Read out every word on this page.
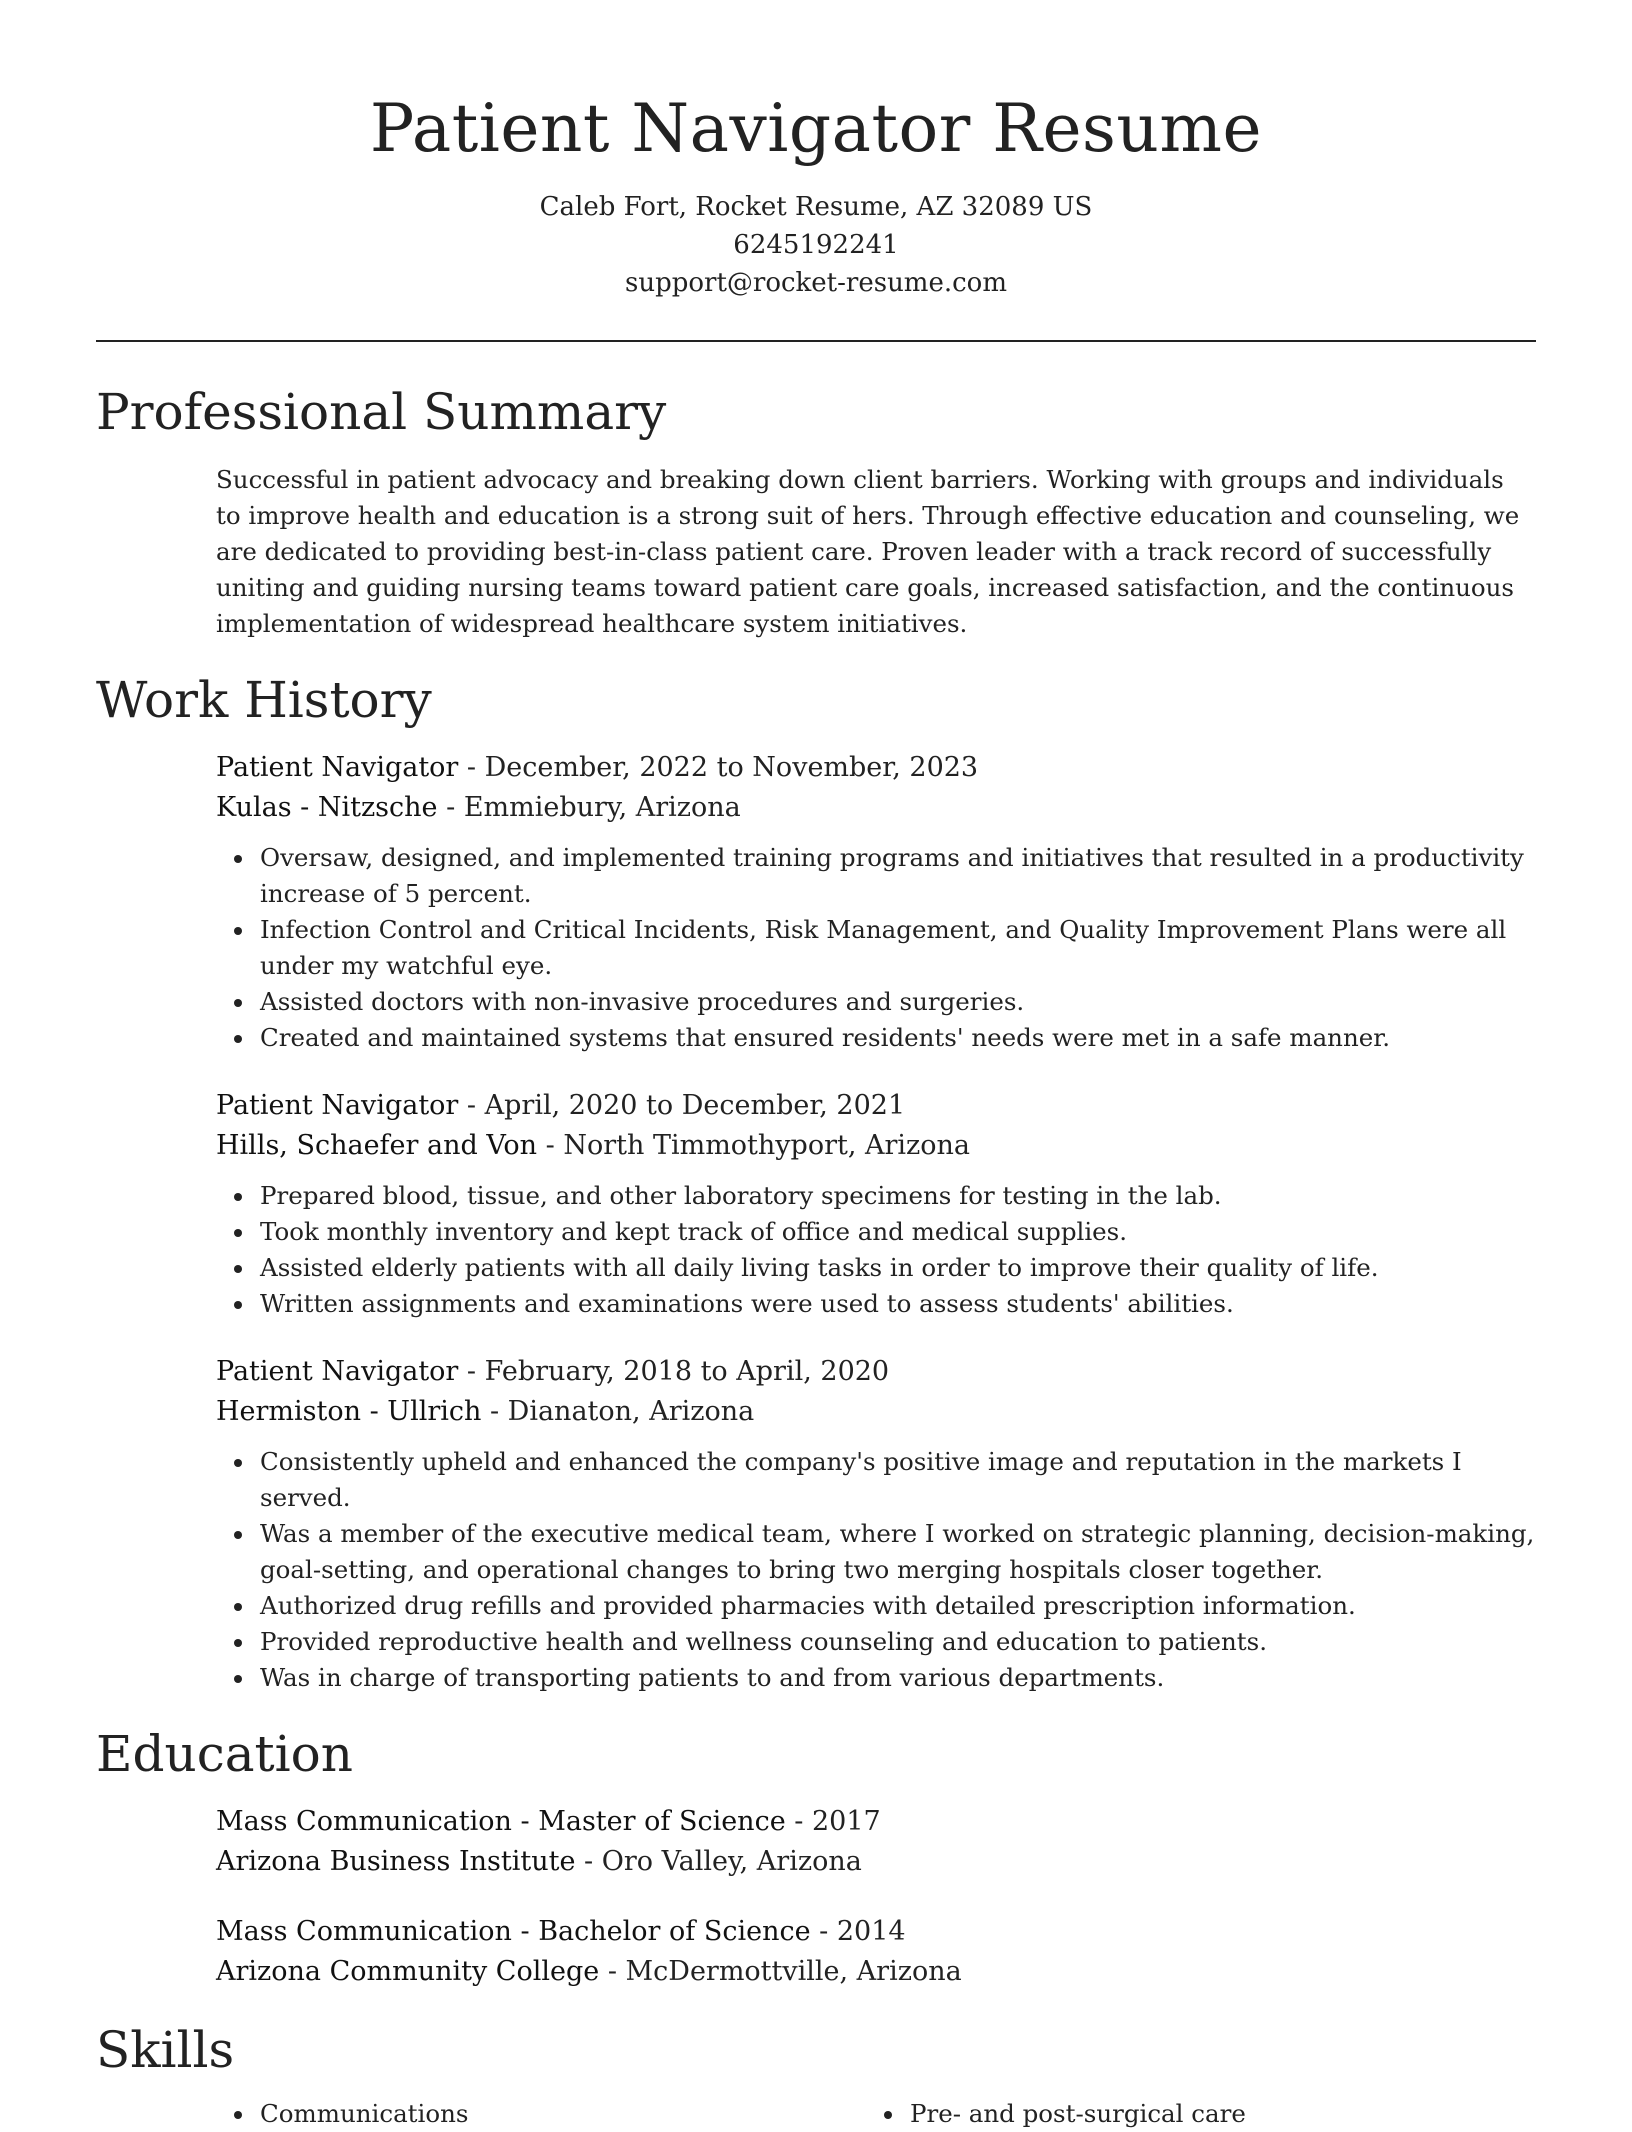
Patient Navigator Resume
Caleb Fort, Rocket Resume, AZ 32089 US
6245192241
support@rocket-resume.com
Professional Summary
Successful in patient advocacy and breaking down client barriers. Working with groups and individuals to improve health and education is a strong suit of hers. Through effective education and counseling, we are dedicated to providing best-in-class patient care. Proven leader with a track record of successfully uniting and guiding nursing teams toward patient care goals, increased satisfaction, and the continuous implementation of widespread healthcare system initiatives.
Work History
Patient Navigator - December, 2022 to November, 2023
Kulas - Nitzsche - Emmiebury, Arizona
Oversaw, designed, and implemented training programs and initiatives that resulted in a productivity increase of 5 percent.
Infection Control and Critical Incidents, Risk Management, and Quality Improvement Plans were all under my watchful eye.
Assisted doctors with non-invasive procedures and surgeries.
Created and maintained systems that ensured residents' needs were met in a safe manner.
Patient Navigator - April, 2020 to December, 2021
Hills, Schaefer and Von - North Timmothyport, Arizona
Prepared blood, tissue, and other laboratory specimens for testing in the lab.
Took monthly inventory and kept track of office and medical supplies.
Assisted elderly patients with all daily living tasks in order to improve their quality of life.
Written assignments and examinations were used to assess students' abilities.
Patient Navigator - February, 2018 to April, 2020
Hermiston - Ullrich - Dianaton, Arizona
Consistently upheld and enhanced the company's positive image and reputation in the markets I served.
Was a member of the executive medical team, where I worked on strategic planning, decision-making, goal-setting, and operational changes to bring two merging hospitals closer together.
Authorized drug refills and provided pharmacies with detailed prescription information.
Provided reproductive health and wellness counseling and education to patients.
Was in charge of transporting patients to and from various departments.
Education
Mass Communication - Master of Science - 2017
Arizona Business Institute - Oro Valley, Arizona
Mass Communication - Bachelor of Science - 2014
Arizona Community College - McDermottville, Arizona
Skills
Communications	Pre- and post-surgical care
